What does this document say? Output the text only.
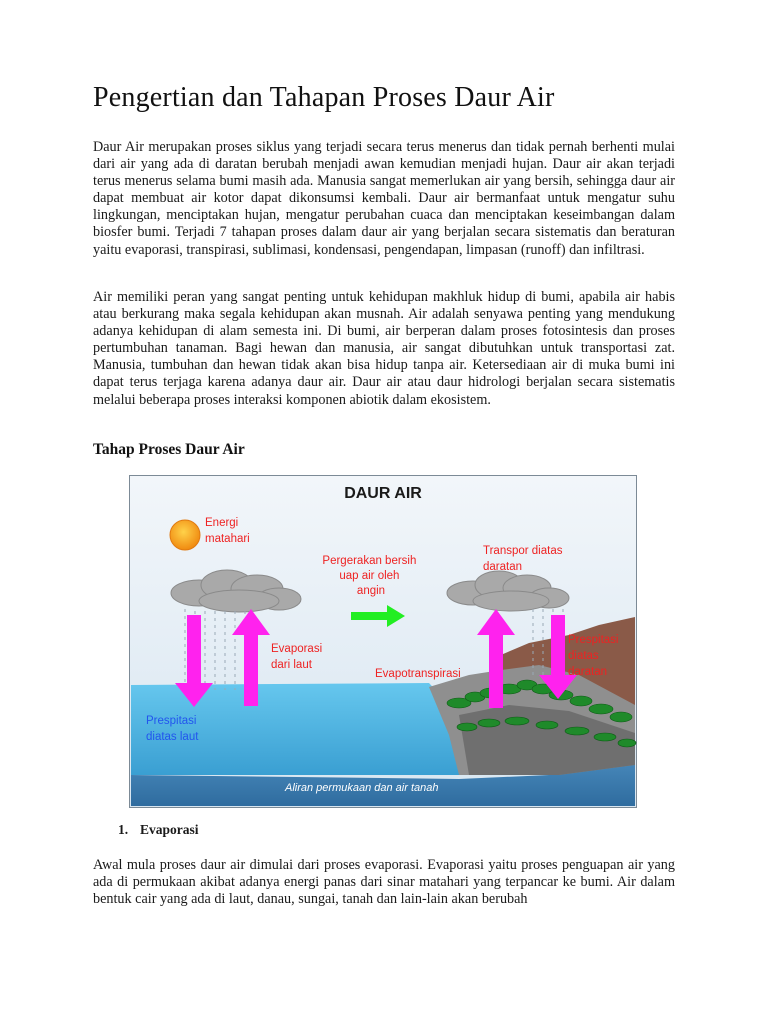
Pengertian dan Tahapan Proses Daur Air

Daur Air merupakan proses siklus yang terjadi secara terus menerus dan tidak pernah berhenti mulai dari air yang ada di daratan berubah menjadi awan kemudian menjadi hujan. Daur air akan terjadi terus menerus selama bumi masih ada. Manusia sangat memerlukan air yang bersih, sehingga daur air dapat membuat air kotor dapat dikonsumsi kembali. Daur air bermanfaat untuk mengatur suhu lingkungan, menciptakan hujan, mengatur perubahan cuaca dan menciptakan keseimbangan dalam biosfer bumi. Terjadi 7 tahapan proses dalam daur air yang berjalan secara sistematis dan beraturan yaitu evaporasi, transpirasi, sublimasi, kondensasi, pengendapan, limpasan (runoff) dan infiltrasi.

Air memiliki peran yang sangat penting untuk kehidupan makhluk hidup di bumi, apabila air habis atau berkurang maka segala kehidupan akan musnah. Air adalah senyawa penting yang mendukung adanya kehidupan di alam semesta ini. Di bumi, air berperan dalam proses fotosintesis dan proses pertumbuhan tanaman. Bagi hewan dan manusia, air sangat dibutuhkan untuk transportasi zat. Manusia, tumbuhan dan hewan tidak akan bisa hidup tanpa air. Ketersediaan air di muka bumi ini dapat terus terjaga karena adanya daur air. Daur air atau daur hidrologi berjalan secara sistematis melalui beberapa proses interaksi komponen abiotik dalam ekosistem.

Tahap Proses Daur Air
DAUR AIR
Energi matahari
Pergerakan bersih uap air oleh angin
Transpor diatas daratan
Evaporasi dari laut
Evapotranspirasi
Prespitasi diatas daratan
Prespitasi diatas laut
Aliran permukaan dan air tanah

1. Evaporasi

Awal mula proses daur air dimulai dari proses evaporasi. Evaporasi yaitu proses penguapan air yang ada di permukaan akibat adanya energi panas dari sinar matahari yang terpancar ke bumi. Air dalam bentuk cair yang ada di laut, danau, sungai, tanah dan lain-lain akan berubah
